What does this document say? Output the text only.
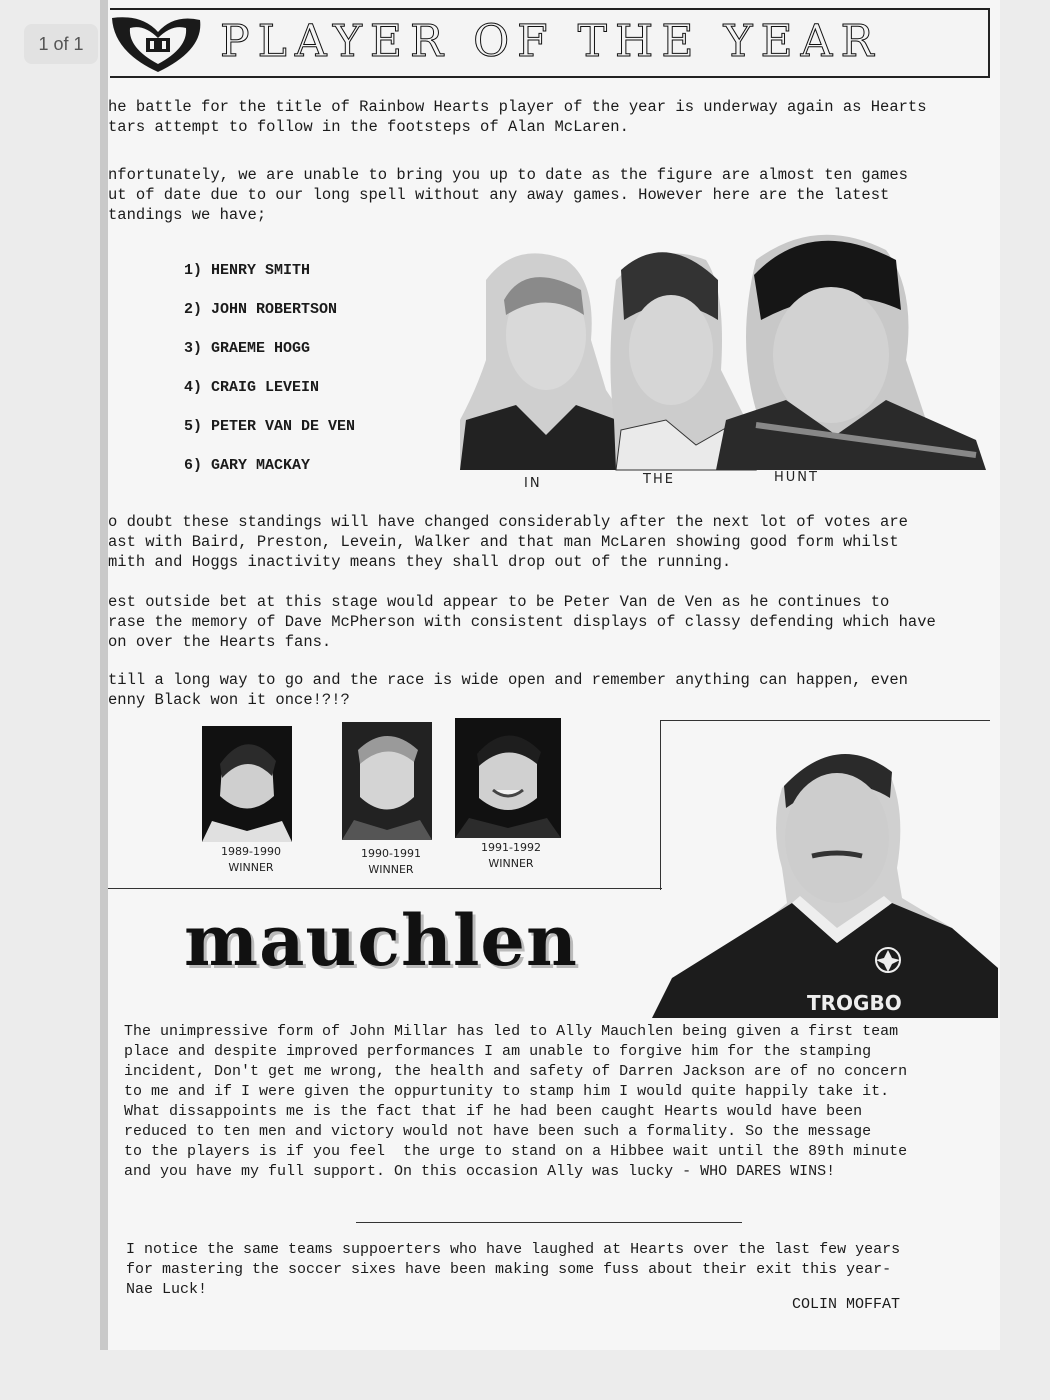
1 of 1	PLAYER OF THE YEAR

he battle for the title of Rainbow Hearts player of the year is underway again as Hearts
tars attempt to follow in the footsteps of Alan McLaren.

nfortunately, we are unable to bring you up to date as the figure are almost ten games
ut of date due to our long spell without any away games. However here are the latest
tandings we have;

1) HENRY SMITH
2) JOHN ROBERTSON
3) GRAEME HOGG
4) CRAIG LEVEIN
5) PETER VAN DE VEN
6) GARY MACKAY
IN	THE	HUNT

o doubt these standings will have changed considerably after the next lot of votes are
ast with Baird, Preston, Levein, Walker and that man McLaren showing good form whilst
mith and Hoggs inactivity means they shall drop out of the running.

est outside bet at this stage would appear to be Peter Van de Ven as he continues to
rase the memory of Dave McPherson with consistent displays of classy defending which have
on over the Hearts fans.

till a long way to go and the race is wide open and remember anything can happen, even
enny Black won it once!?!?

1989-1990
WINNER
1990-1991
WINNER
1991-1992
WINNER
TROGBO
mauchlen

The unimpressive form of John Millar has led to Ally Mauchlen being given a first team
place and despite improved performances I am unable to forgive him for the stamping
incident, Don't get me wrong, the health and safety of Darren Jackson are of no concern
to me and if I were given the oppurtunity to stamp him I would quite happily take it.
What dissappoints me is the fact that if he had been caught Hearts would have been
reduced to ten men and victory would not have been such a formality. So the message
to the players is if you feel  the urge to stand on a Hibbee wait until the 89th minute
and you have my full support. On this occasion Ally was lucky - WHO DARES WINS!

I notice the same teams suppoerters who have laughed at Hearts over the last few years
for mastering the soccer sixes have been making some fuss about their exit this year-
Nae Luck!

COLIN MOFFAT
